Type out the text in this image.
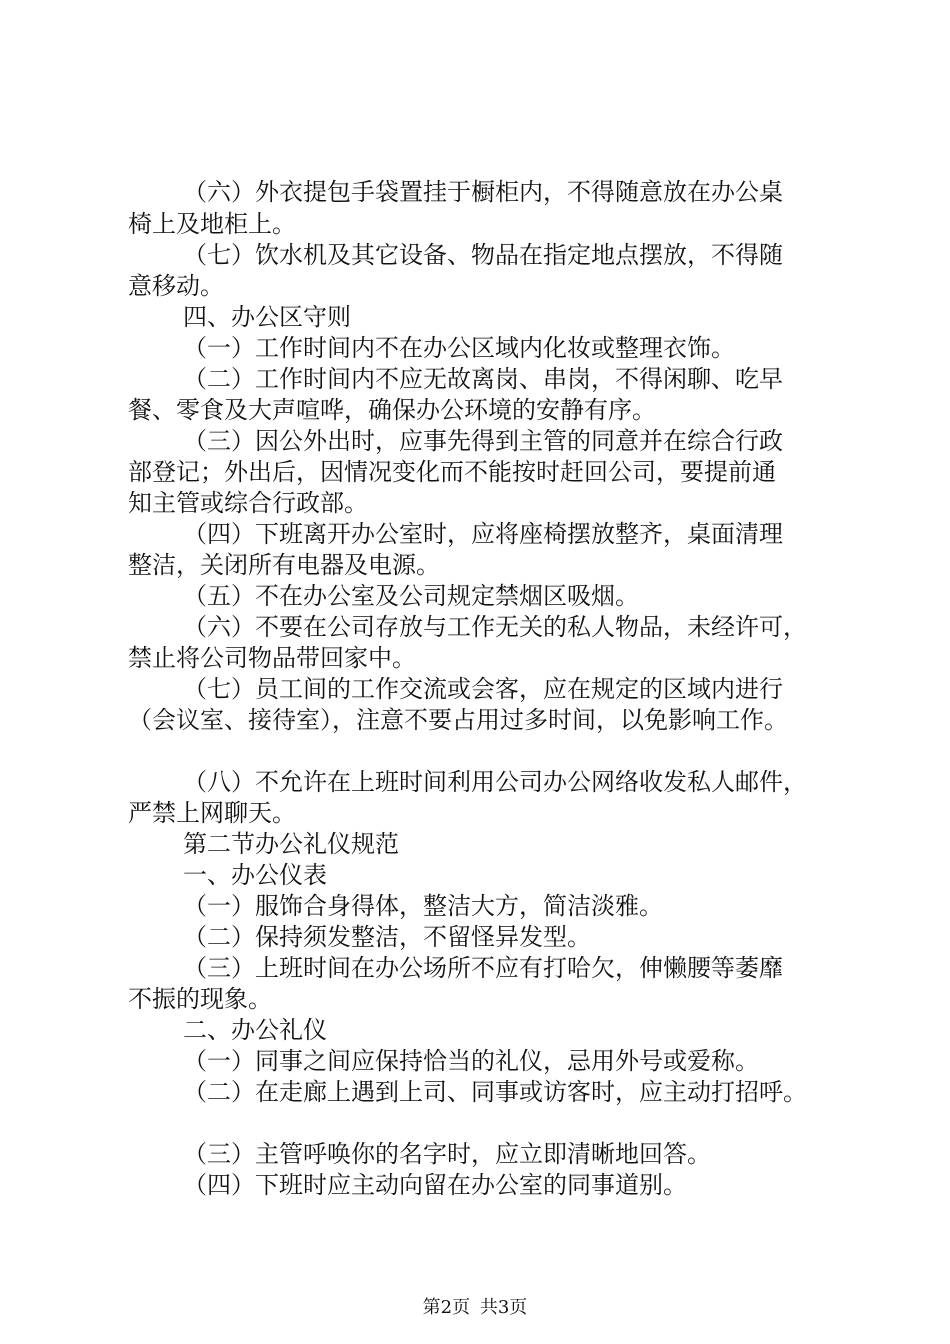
（六）外衣提包手袋置挂于橱柜内，不得随意放在办公桌
椅上及地柜上。
（七）饮水机及其它设备、物品在指定地点摆放，不得随
意移动。
四、办公区守则
（一）工作时间内不在办公区域内化妆或整理衣饰。
（二）工作时间内不应无故离岗、串岗，不得闲聊、吃早
餐、零食及大声喧哗，确保办公环境的安静有序。
（三）因公外出时，应事先得到主管的同意并在综合行政
部登记；外出后，因情况变化而不能按时赶回公司，要提前通
知主管或综合行政部。
（四）下班离开办公室时，应将座椅摆放整齐，桌面清理
整洁，关闭所有电器及电源。
（五）不在办公室及公司规定禁烟区吸烟。
（六）不要在公司存放与工作无关的私人物品，未经许可，
禁止将公司物品带回家中。
（七）员工间的工作交流或会客，应在规定的区域内进行
（会议室、接待室），注意不要占用过多时间，以免影响工作。
（八）不允许在上班时间利用公司办公网络收发私人邮件，
严禁上网聊天。
第二节办公礼仪规范
一、办公仪表
（一）服饰合身得体，整洁大方，简洁淡雅。
（二）保持须发整洁，不留怪异发型。
（三）上班时间在办公场所不应有打哈欠，伸懒腰等萎靡
不振的现象。
二、办公礼仪
（一）同事之间应保持恰当的礼仪，忌用外号或爱称。
（二）在走廊上遇到上司、同事或访客时，应主动打招呼。
（三）主管呼唤你的名字时，应立即清晰地回答。
（四）下班时应主动向留在办公室的同事道别。
第2页 共3页
